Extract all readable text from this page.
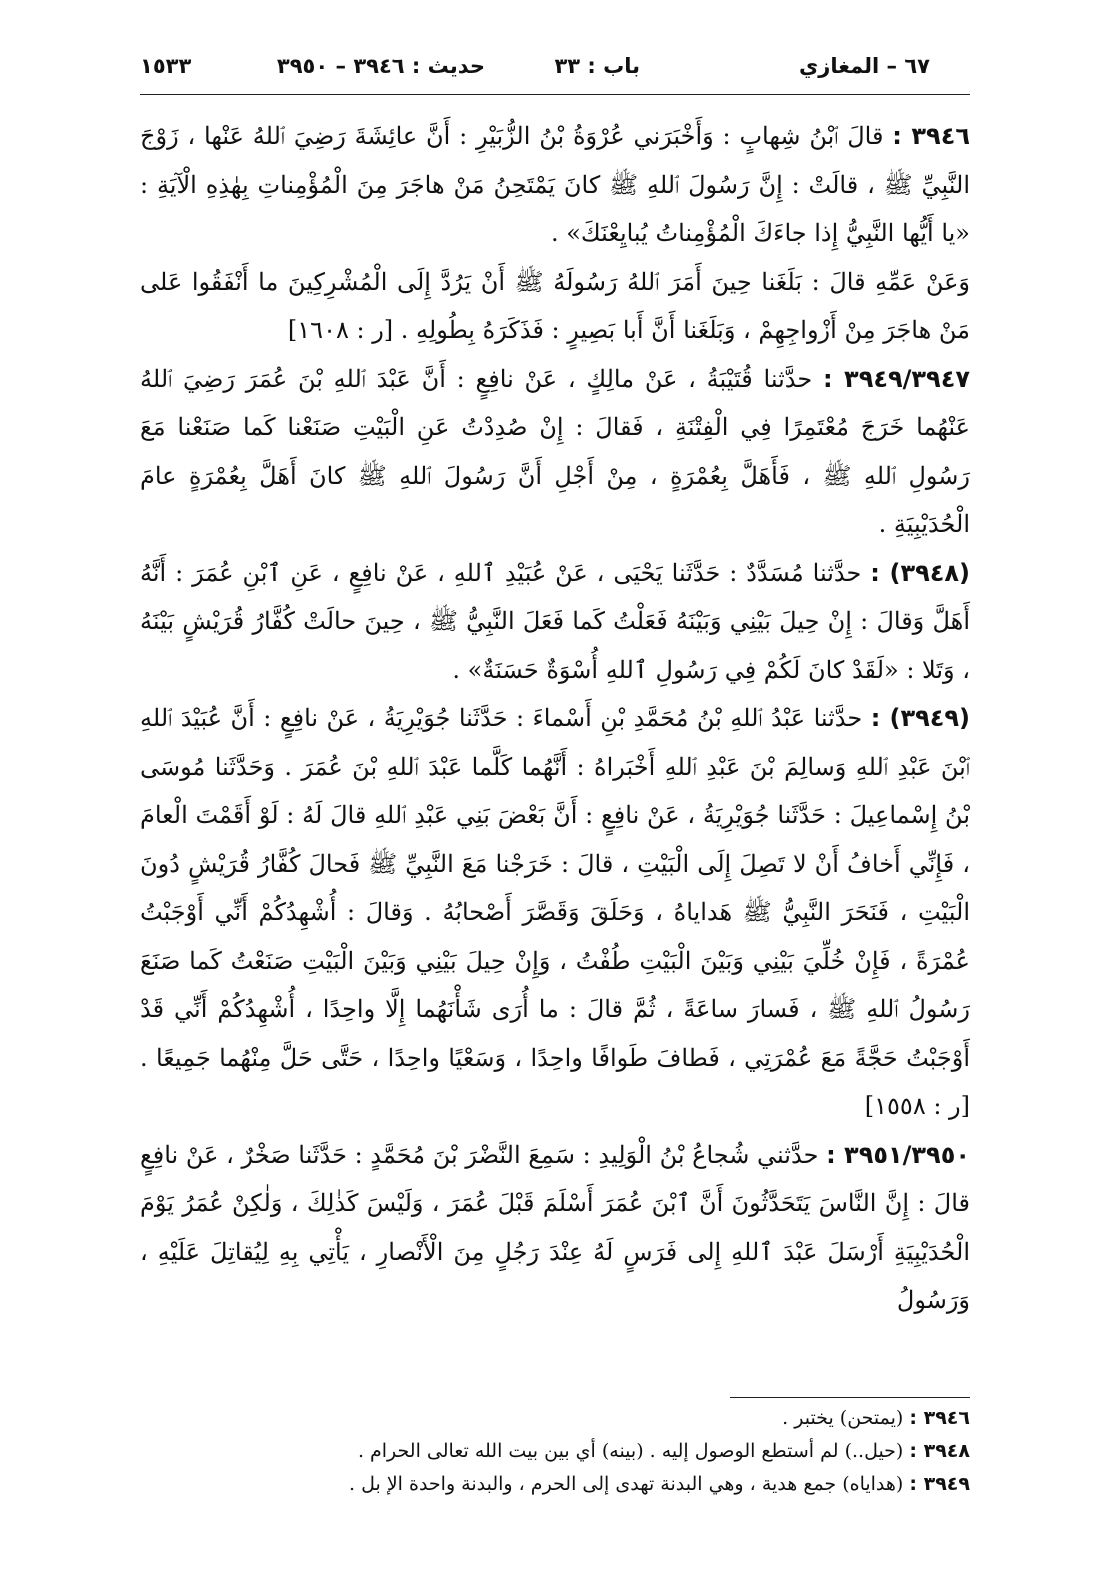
٦٧ – المغازي
باب : ٣٣
حديث : ٣٩٤٦ – ٣٩٥٠
١٥٣٣

٣٩٤٦ : قالَ ٱبْنُ شِهابٍ : وَأَخْبَرَني عُرْوَةُ بْنُ الزُّبَيْرِ : أَنَّ عائِشَةَ رَضِيَ ٱللهُ عَنْها ، زَوْجَ النَّبِيِّ ﷺ ، قالَتْ : إِنَّ رَسُولَ ٱللهِ ﷺ كانَ يَمْتَحِنُ مَنْ هاجَرَ مِنَ الْمُؤْمِناتِ بِهٰذِهِ الْآيَةِ : «يا أَيُّها النَّبِيُّ إِذا جاءَكَ الْمُؤْمِناتُ يُبايِعْنَكَ» .

وَعَنْ عَمِّهِ قالَ : بَلَغَنا حِينَ أَمَرَ ٱللهُ رَسُولَهُ ﷺ أَنْ يَرُدَّ إِلَى الْمُشْرِكِينَ ما أَنْفَقُوا عَلى مَنْ هاجَرَ مِنْ أَزْواجِهِمْ ، وَبَلَغَنا أَنَّ أَبا بَصِيرٍ : فَذَكَرَهُ بِطُولِهِ . [ر : ١٦٠٨]

٣٩٤٩/٣٩٤٧ : حدَّثنا قُتَيْبَةُ ، عَنْ مالِكٍ ، عَنْ نافِعٍ : أَنَّ عَبْدَ ٱللهِ بْنَ عُمَرَ رَضِيَ ٱللهُ عَنْهُما خَرَجَ مُعْتَمِرًا فِي الْفِتْنَةِ ، فَقالَ : إِنْ صُدِدْتُ عَنِ الْبَيْتِ صَنَعْنا كَما صَنَعْنا مَعَ رَسُولِ ٱللهِ ﷺ ، فَأَهَلَّ بِعُمْرَةٍ ، مِنْ أَجْلِ أَنَّ رَسُولَ ٱللهِ ﷺ كانَ أَهَلَّ بِعُمْرَةٍ عامَ الْحُدَيْبِيَةِ .

(٣٩٤٨) : حدَّثنا مُسَدَّدٌ : حَدَّثَنا يَحْيَى ، عَنْ عُبَيْدِ ٱللهِ ، عَنْ نافِعٍ ، عَنِ ٱبْنِ عُمَرَ : أَنَّهُ أَهَلَّ وَقالَ : إِنْ حِيلَ بَيْنِي وَبَيْنَهُ فَعَلْتُ كَما فَعَلَ النَّبِيُّ ﷺ ، حِينَ حالَتْ كُفَّارُ قُرَيْشٍ بَيْنَهُ ، وَتَلا : «لَقَدْ كانَ لَكُمْ فِي رَسُولِ ٱللهِ أُسْوَةٌ حَسَنَةٌ» .

(٣٩٤٩) : حدَّثنا عَبْدُ ٱللهِ بْنُ مُحَمَّدِ بْنِ أَسْماءَ : حَدَّثَنا جُوَيْرِيَةُ ، عَنْ نافِعٍ : أَنَّ عُبَيْدَ ٱللهِ ٱبْنَ عَبْدِ ٱللهِ وَسالِمَ بْنَ عَبْدِ ٱللهِ أَخْبَراهُ : أَنَّهُما كَلَّما عَبْدَ ٱللهِ بْنَ عُمَرَ . وَحَدَّثَنا مُوسَى بْنُ إِسْماعِيلَ : حَدَّثَنا جُوَيْرِيَةُ ، عَنْ نافِعٍ : أَنَّ بَعْضَ بَنِي عَبْدِ ٱللهِ قالَ لَهُ : لَوْ أَقَمْتَ الْعامَ ، فَإِنِّي أَخافُ أَنْ لا تَصِلَ إِلَى الْبَيْتِ ، قالَ : خَرَجْنا مَعَ النَّبِيِّ ﷺ فَحالَ كُفَّارُ قُرَيْشٍ دُونَ الْبَيْتِ ، فَنَحَرَ النَّبِيُّ ﷺ هَداياهُ ، وَحَلَقَ وَقَصَّرَ أَصْحابُهُ . وَقالَ : أُشْهِدُكُمْ أَنِّي أَوْجَبْتُ عُمْرَةً ، فَإِنْ خُلِّيَ بَيْنِي وَبَيْنَ الْبَيْتِ طُفْتُ ، وَإِنْ حِيلَ بَيْنِي وَبَيْنَ الْبَيْتِ صَنَعْتُ كَما صَنَعَ رَسُولُ ٱللهِ ﷺ ، فَسارَ ساعَةً ، ثُمَّ قالَ : ما أُرَى شَأْنَهُما إِلَّا واحِدًا ، أُشْهِدُكُمْ أَنِّي قَدْ أَوْجَبْتُ حَجَّةً مَعَ عُمْرَتِي ، فَطافَ طَوافًا واحِدًا ، وَسَعْيًا واحِدًا ، حَتَّى حَلَّ مِنْهُما جَمِيعًا . [ر : ١٥٥٨]

٣٩٥١/٣٩٥٠ : حدَّثني شُجاعُ بْنُ الْوَلِيدِ : سَمِعَ النَّضْرَ بْنَ مُحَمَّدٍ : حَدَّثَنا صَخْرٌ ، عَنْ نافِعٍ قالَ : إِنَّ النَّاسَ يَتَحَدَّثُونَ أَنَّ ٱبْنَ عُمَرَ أَسْلَمَ قَبْلَ عُمَرَ ، وَلَيْسَ كَذٰلِكَ ، وَلٰكِنْ عُمَرُ يَوْمَ الْحُدَيْبِيَةِ أَرْسَلَ عَبْدَ ٱللهِ إِلى فَرَسٍ لَهُ عِنْدَ رَجُلٍ مِنَ الْأَنْصارِ ، يَأْتِي بِهِ لِيُقاتِلَ عَلَيْهِ ، وَرَسُولُ

٣٩٤٦ : (يمتحن) يختبر .

٣٩٤٨ : (حيل..) لم أستطع الوصول إليه . (بينه) أي بين بيت الله تعالى الحرام .

٣٩٤٩ : (هداياه) جمع هدية ، وهي البدنة تهدى إلى الحرم ، والبدنة واحدة الإ بل .
